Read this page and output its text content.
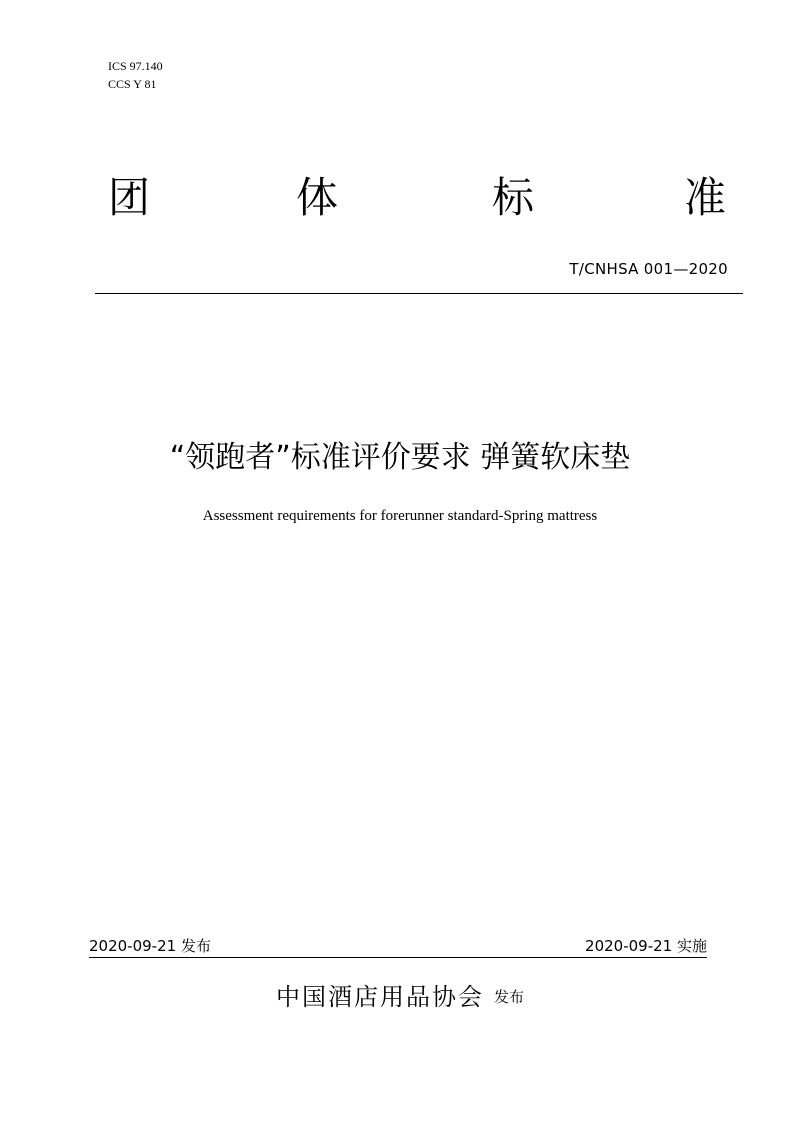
ICS 97.140
CCS Y 81
团	体	标	准
T/CNHSA 001—2020
“领跑者”标准评价要求 弹簧软床垫
Assessment requirements for forerunner standard-Spring mattress
2020-09-21 发布	2020-09-21 实施
中国酒店用品协会 发布
